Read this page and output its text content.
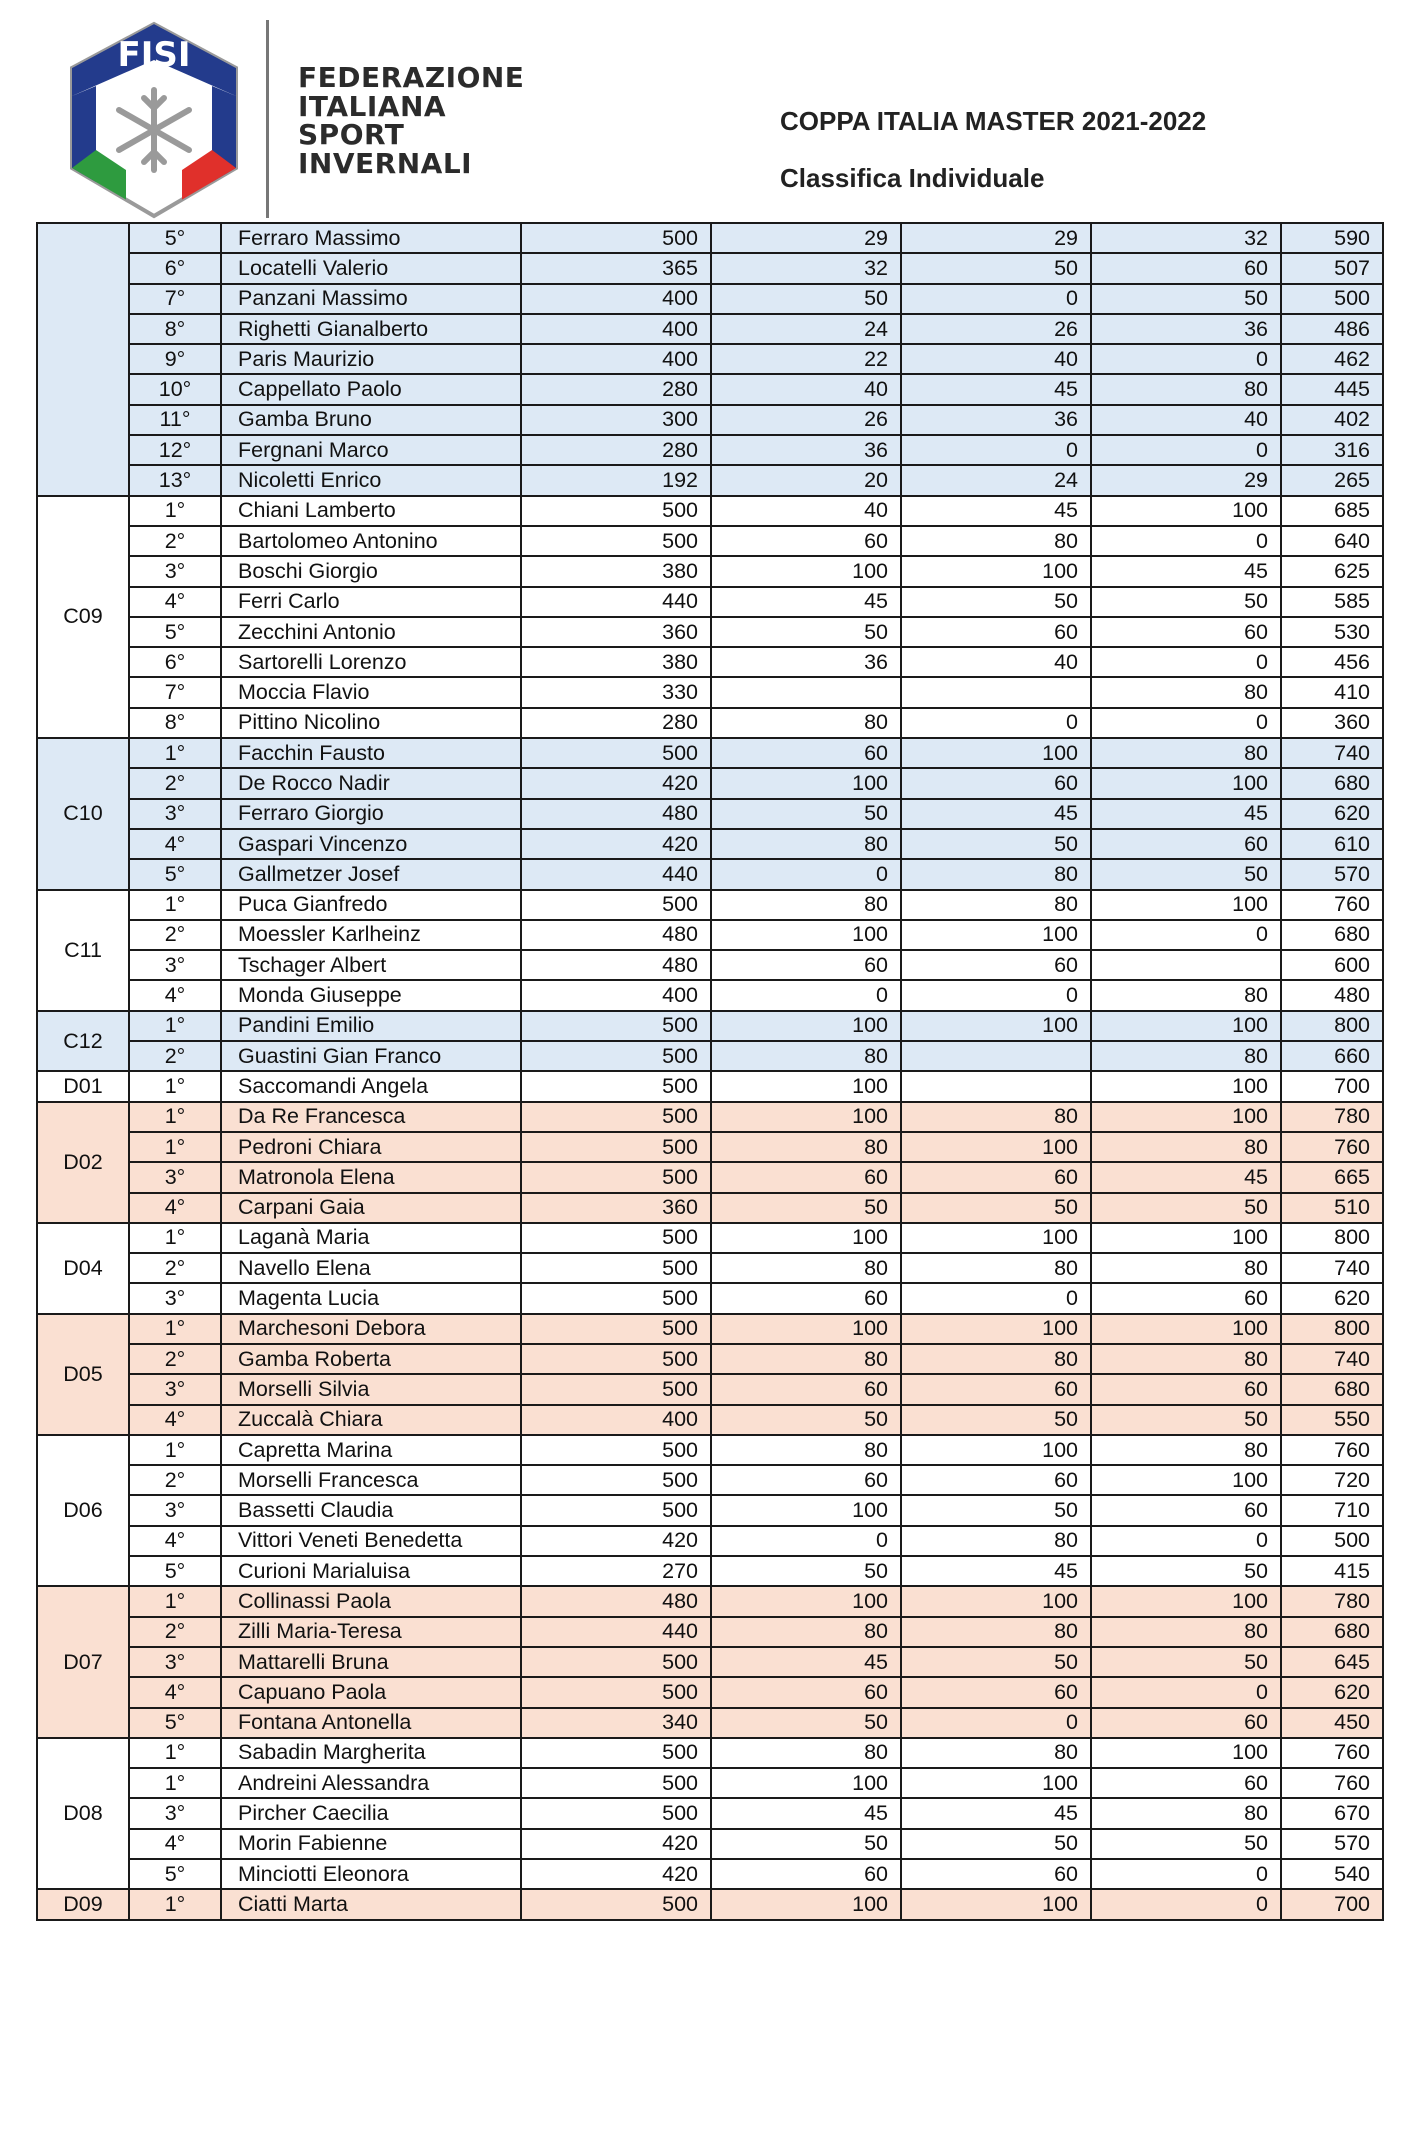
FISI
FEDERAZIONE
ITALIANA
SPORT
INVERNALI
COPPA ITALIA MASTER 2021-2022
Classifica Individuale
	5°	Ferraro Massimo	500	29	29	32	590
	6°	Locatelli Valerio	365	32	50	60	507
	7°	Panzani Massimo	400	50	0	50	500
	8°	Righetti Gianalberto	400	24	26	36	486
	9°	Paris Maurizio	400	22	40	0	462
	10°	Cappellato Paolo	280	40	45	80	445
	11°	Gamba Bruno	300	26	36	40	402
	12°	Fergnani Marco	280	36	0	0	316
	13°	Nicoletti Enrico	192	20	24	29	265
C09	1°	Chiani Lamberto	500	40	45	100	685
	2°	Bartolomeo Antonino	500	60	80	0	640
	3°	Boschi Giorgio	380	100	100	45	625
	4°	Ferri Carlo	440	45	50	50	585
	5°	Zecchini Antonio	360	50	60	60	530
	6°	Sartorelli Lorenzo	380	36	40	0	456
	7°	Moccia Flavio	330			80	410
	8°	Pittino Nicolino	280	80	0	0	360
C10	1°	Facchin Fausto	500	60	100	80	740
	2°	De Rocco Nadir	420	100	60	100	680
	3°	Ferraro Giorgio	480	50	45	45	620
	4°	Gaspari Vincenzo	420	80	50	60	610
	5°	Gallmetzer Josef	440	0	80	50	570
C11	1°	Puca Gianfredo	500	80	80	100	760
	2°	Moessler Karlheinz	480	100	100	0	680
	3°	Tschager Albert	480	60	60		600
	4°	Monda Giuseppe	400	0	0	80	480
C12	1°	Pandini Emilio	500	100	100	100	800
	2°	Guastini Gian Franco	500	80		80	660
D01	1°	Saccomandi Angela	500	100		100	700
D02	1°	Da Re Francesca	500	100	80	100	780
	1°	Pedroni Chiara	500	80	100	80	760
	3°	Matronola Elena	500	60	60	45	665
	4°	Carpani Gaia	360	50	50	50	510
D04	1°	Laganà Maria	500	100	100	100	800
	2°	Navello Elena	500	80	80	80	740
	3°	Magenta Lucia	500	60	0	60	620
D05	1°	Marchesoni Debora	500	100	100	100	800
	2°	Gamba Roberta	500	80	80	80	740
	3°	Morselli Silvia	500	60	60	60	680
	4°	Zuccalà Chiara	400	50	50	50	550
D06	1°	Capretta Marina	500	80	100	80	760
	2°	Morselli Francesca	500	60	60	100	720
	3°	Bassetti Claudia	500	100	50	60	710
	4°	Vittori Veneti Benedetta	420	0	80	0	500
	5°	Curioni Marialuisa	270	50	45	50	415
D07	1°	Collinassi Paola	480	100	100	100	780
	2°	Zilli Maria-Teresa	440	80	80	80	680
	3°	Mattarelli Bruna	500	45	50	50	645
	4°	Capuano Paola	500	60	60	0	620
	5°	Fontana Antonella	340	50	0	60	450
D08	1°	Sabadin Margherita	500	80	80	100	760
	1°	Andreini Alessandra	500	100	100	60	760
	3°	Pircher Caecilia	500	45	45	80	670
	4°	Morin Fabienne	420	50	50	50	570
	5°	Minciotti Eleonora	420	60	60	0	540
D09	1°	Ciatti Marta	500	100	100	0	700
